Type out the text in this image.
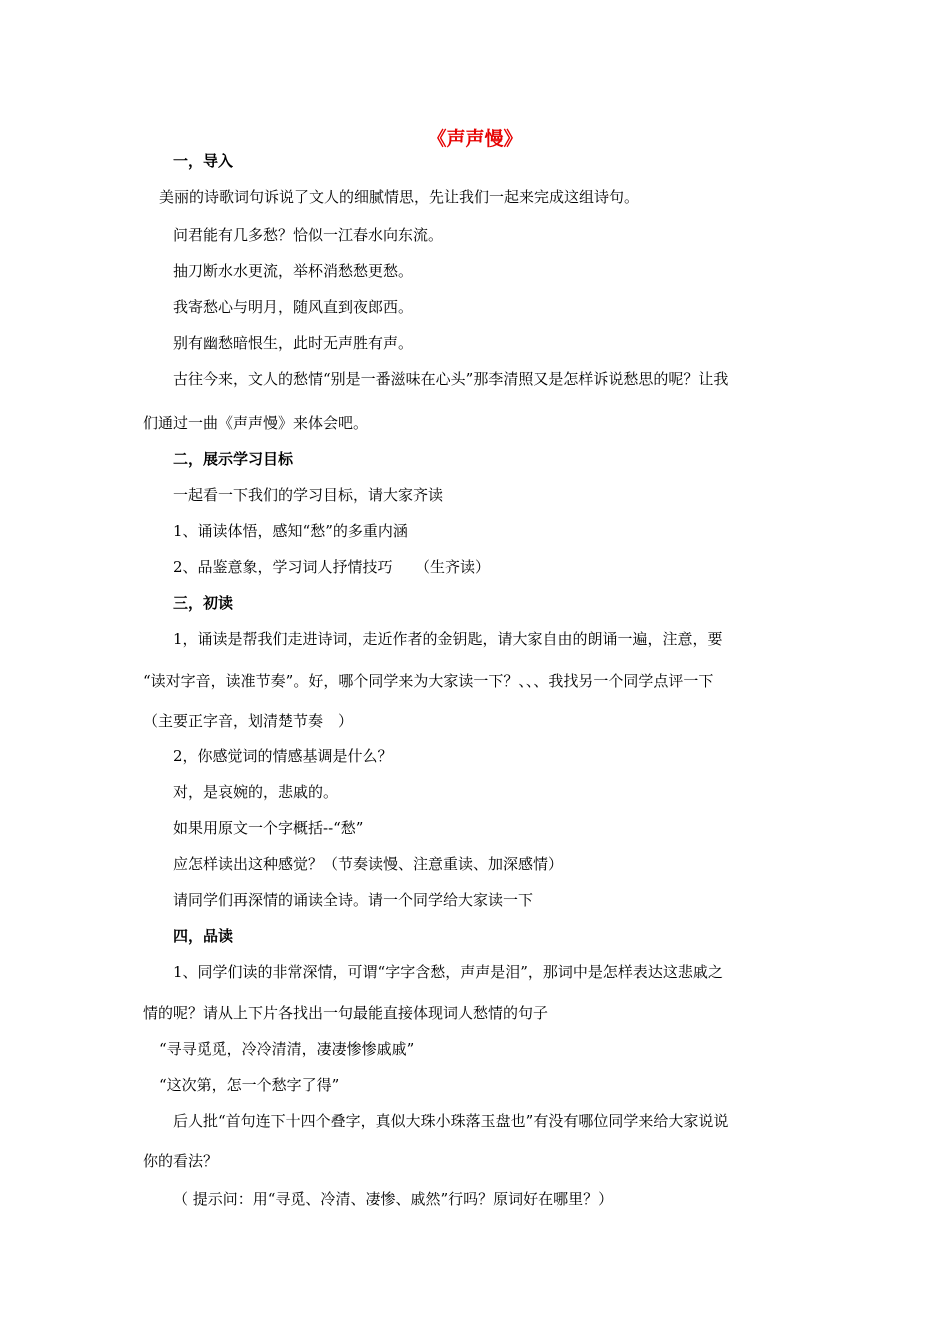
《声声慢》
一，导入
美丽的诗歌词句诉说了文人的细腻情思，先让我们一起来完成这组诗句。
问君能有几多愁？恰似一江春水向东流。
抽刀断水水更流，举杯消愁愁更愁。
我寄愁心与明月，随风直到夜郎西。
别有幽愁暗恨生，此时无声胜有声。
古往今来，文人的愁情“别是一番滋味在心头”那李清照又是怎样诉说愁思的呢？让我
们通过一曲《声声慢》来体会吧。
二，展示学习目标
一起看一下我们的学习目标，请大家齐读
1、诵读体悟，感知“愁”的多重内涵
2、品鉴意象，学习词人抒情技巧　　（生齐读）
三，初读
1，诵读是帮我们走进诗词，走近作者的金钥匙，请大家自由的朗诵一遍，注意，要
“读对字音，读准节奏”。好，哪个同学来为大家读一下？、、、我找另一个同学点评一下
（主要正字音，划清楚节奏　）
2，你感觉词的情感基调是什么？
对，是哀婉的，悲戚的。
如果用原文一个字概括--“愁”
应怎样读出这种感觉？（节奏读慢、注意重读、加深感情）
请同学们再深情的诵读全诗。请一个同学给大家读一下
四，品读
1、同学们读的非常深情，可谓“字字含愁，声声是泪”，那词中是怎样表达这悲戚之
情的呢？请从上下片各找出一句最能直接体现词人愁情的句子
“寻寻觅觅，冷冷清清，凄凄惨惨戚戚”
“这次第，怎一个愁字了得”
后人批“首句连下十四个叠字，真似大珠小珠落玉盘也”有没有哪位同学来给大家说说
你的看法？
（ 提示问：用“寻觅、冷清、凄惨、戚然”行吗？原词好在哪里？）
